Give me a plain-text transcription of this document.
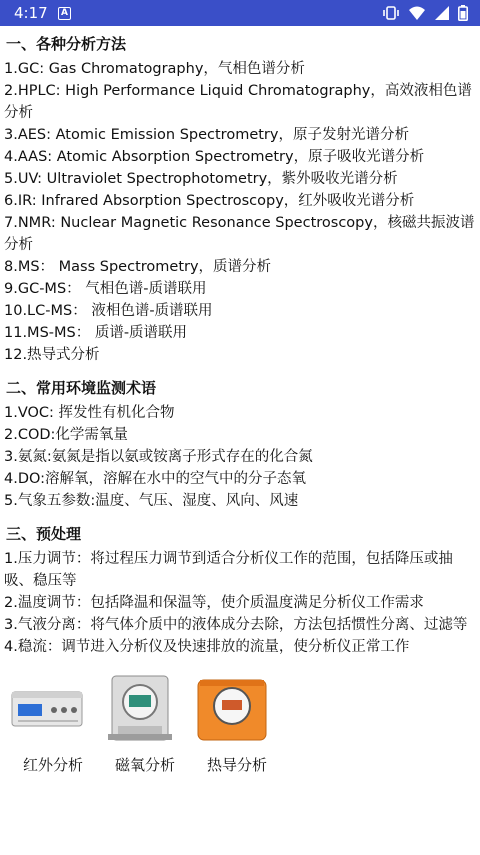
4:17	A
一、各种分析方法
1.GC: Gas Chromatography，气相色谱分析
2.HPLC: High Performance Liquid Chromatography，高效液相色谱分析
3.AES: Atomic Emission Spectrometry，原子发射光谱分析
4.AAS: Atomic Absorption Spectrometry，原子吸收光谱分析
5.UV: Ultraviolet Spectrophotometry，紫外吸收光谱分析
6.IR: Infrared Absorption Spectroscopy，红外吸收光谱分析
7.NMR: Nuclear Magnetic Resonance Spectroscopy，核磁共振波谱分析
8.MS： Mass Spectrometry，质谱分析
9.GC-MS： 气相色谱-质谱联用
10.LC-MS： 液相色谱-质谱联用
11.MS-MS： 质谱-质谱联用
12.热导式分析
二、常用环境监测术语
1.VOC: 挥发性有机化合物
2.COD:化学需氧量
3.氨氮:氨氮是指以氨或铵离子形式存在的化合氮
4.DO:溶解氧，溶解在水中的空气中的分子态氧
5.气象五参数:温度、气压、湿度、风向、风速
三、预处理
1.压力调节：将过程压力调节到适合分析仪工作的范围，包括降压或抽吸、稳压等
2.温度调节：包括降温和保温等，使介质温度满足分析仪工作需求
3.气液分离：将气体介质中的液体成分去除，方法包括惯性分离、过滤等
4.稳流：调节进入分析仪及快速排放的流量，使分析仪正常工作
红外分析	磁氧分析	热导分析
